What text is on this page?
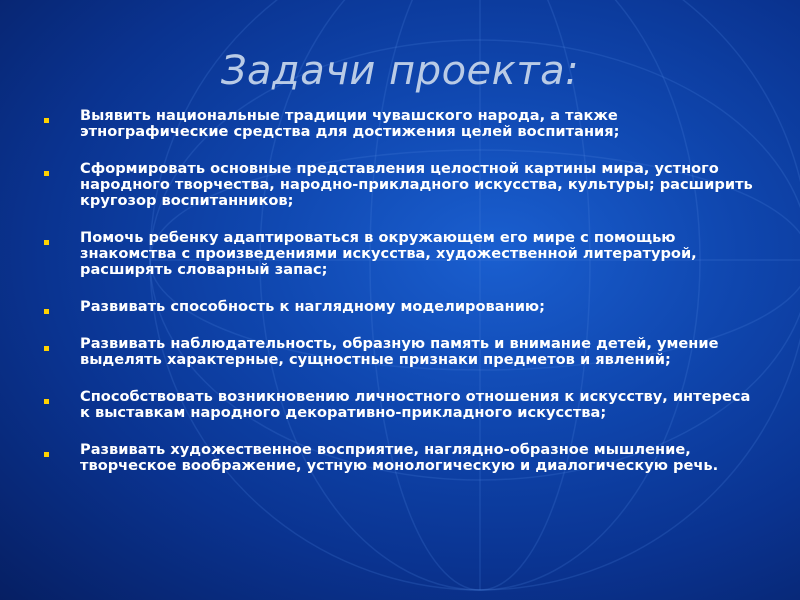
Задачи проекта:
Выявить национальные традиции чувашского народа, а также этнографические средства для достижения целей воспитания;
Сформировать основные представления целостной картины мира, устного народного творчества, народно-прикладного искусства, культуры; расширить кругозор воспитанников;
Помочь ребенку адаптироваться в окружающем его мире с помощью знакомства с произведениями искусства, художественной литературой, расширять словарный запас;
Развивать способность к наглядному моделированию;
Развивать наблюдательность, образную память и внимание детей, умение выделять характерные, сущностные признаки предметов и явлений;
Способствовать возникновению личностного отношения к искусству, интереса к выставкам народного декоративно-прикладного искусства;
Развивать художественное восприятие, наглядно-образное мышление, творческое воображение, устную монологическую и диалогическую речь.
